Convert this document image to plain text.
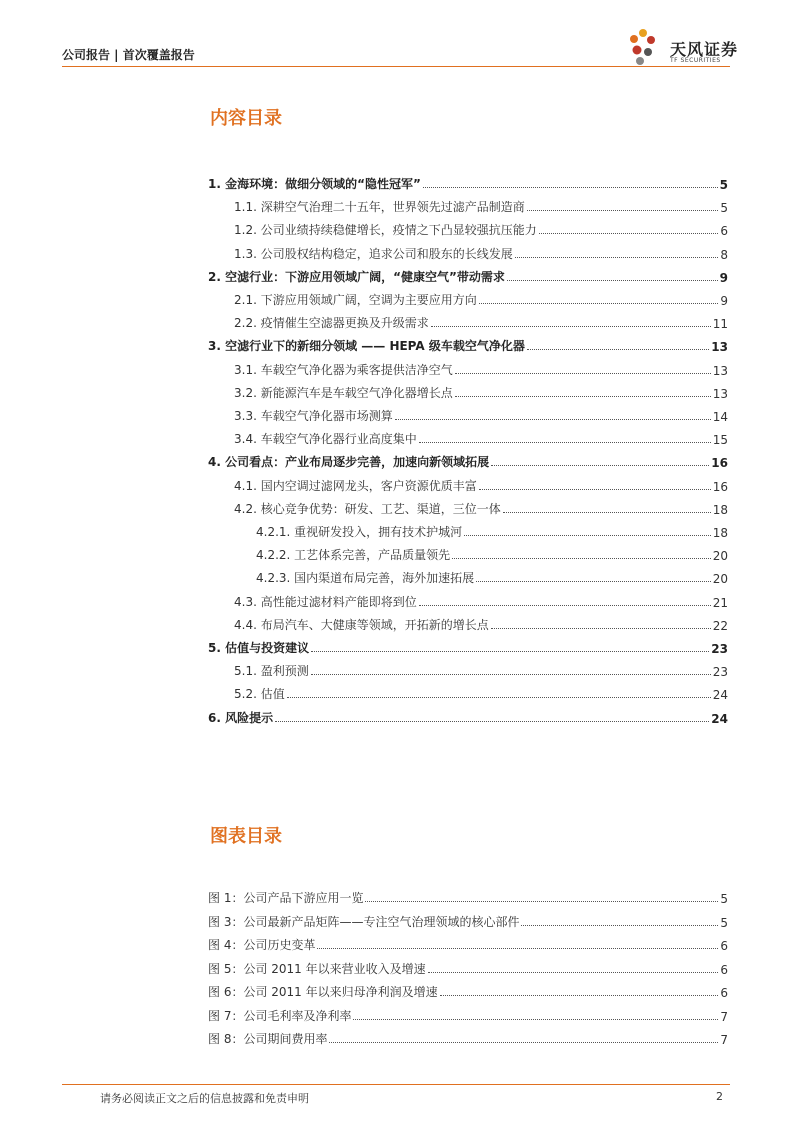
公司报告 | 首次覆盖报告	天风证券
TF SECURITIES
内容目录
1. 金海环境：做细分领域的“隐性冠军”	5
1.1. 深耕空气治理二十五年，世界领先过滤产品制造商	5
1.2. 公司业绩持续稳健增长，疫情之下凸显较强抗压能力	6
1.3. 公司股权结构稳定，追求公司和股东的长线发展	8
2. 空滤行业：下游应用领域广阔，“健康空气”带动需求	9
2.1. 下游应用领域广阔，空调为主要应用方向	9
2.2. 疫情催生空滤器更换及升级需求	11
3. 空滤行业下的新细分领域 —— HEPA 级车载空气净化器	13
3.1. 车载空气净化器为乘客提供洁净空气	13
3.2. 新能源汽车是车载空气净化器增长点	13
3.3. 车载空气净化器市场测算	14
3.4. 车载空气净化器行业高度集中	15
4. 公司看点：产业布局逐步完善，加速向新领域拓展	16
4.1. 国内空调过滤网龙头，客户资源优质丰富	16
4.2. 核心竞争优势：研发、工艺、渠道，三位一体	18
4.2.1. 重视研发投入，拥有技术护城河	18
4.2.2. 工艺体系完善，产品质量领先	20
4.2.3. 国内渠道布局完善，海外加速拓展	20
4.3. 高性能过滤材料产能即将到位	21
4.4. 布局汽车、大健康等领域，开拓新的增长点	22
5. 估值与投资建议	23
5.1. 盈利预测	23
5.2. 估值	24
6. 风险提示	24
图表目录
图 1：公司产品下游应用一览	5
图 3：公司最新产品矩阵——专注空气治理领域的核心部件	5
图 4：公司历史变革	6
图 5：公司 2011 年以来营业收入及增速	6
图 6：公司 2011 年以来归母净利润及增速	6
图 7：公司毛利率及净利率	7
图 8：公司期间费用率	7
请务必阅读正文之后的信息披露和免责申明	2
